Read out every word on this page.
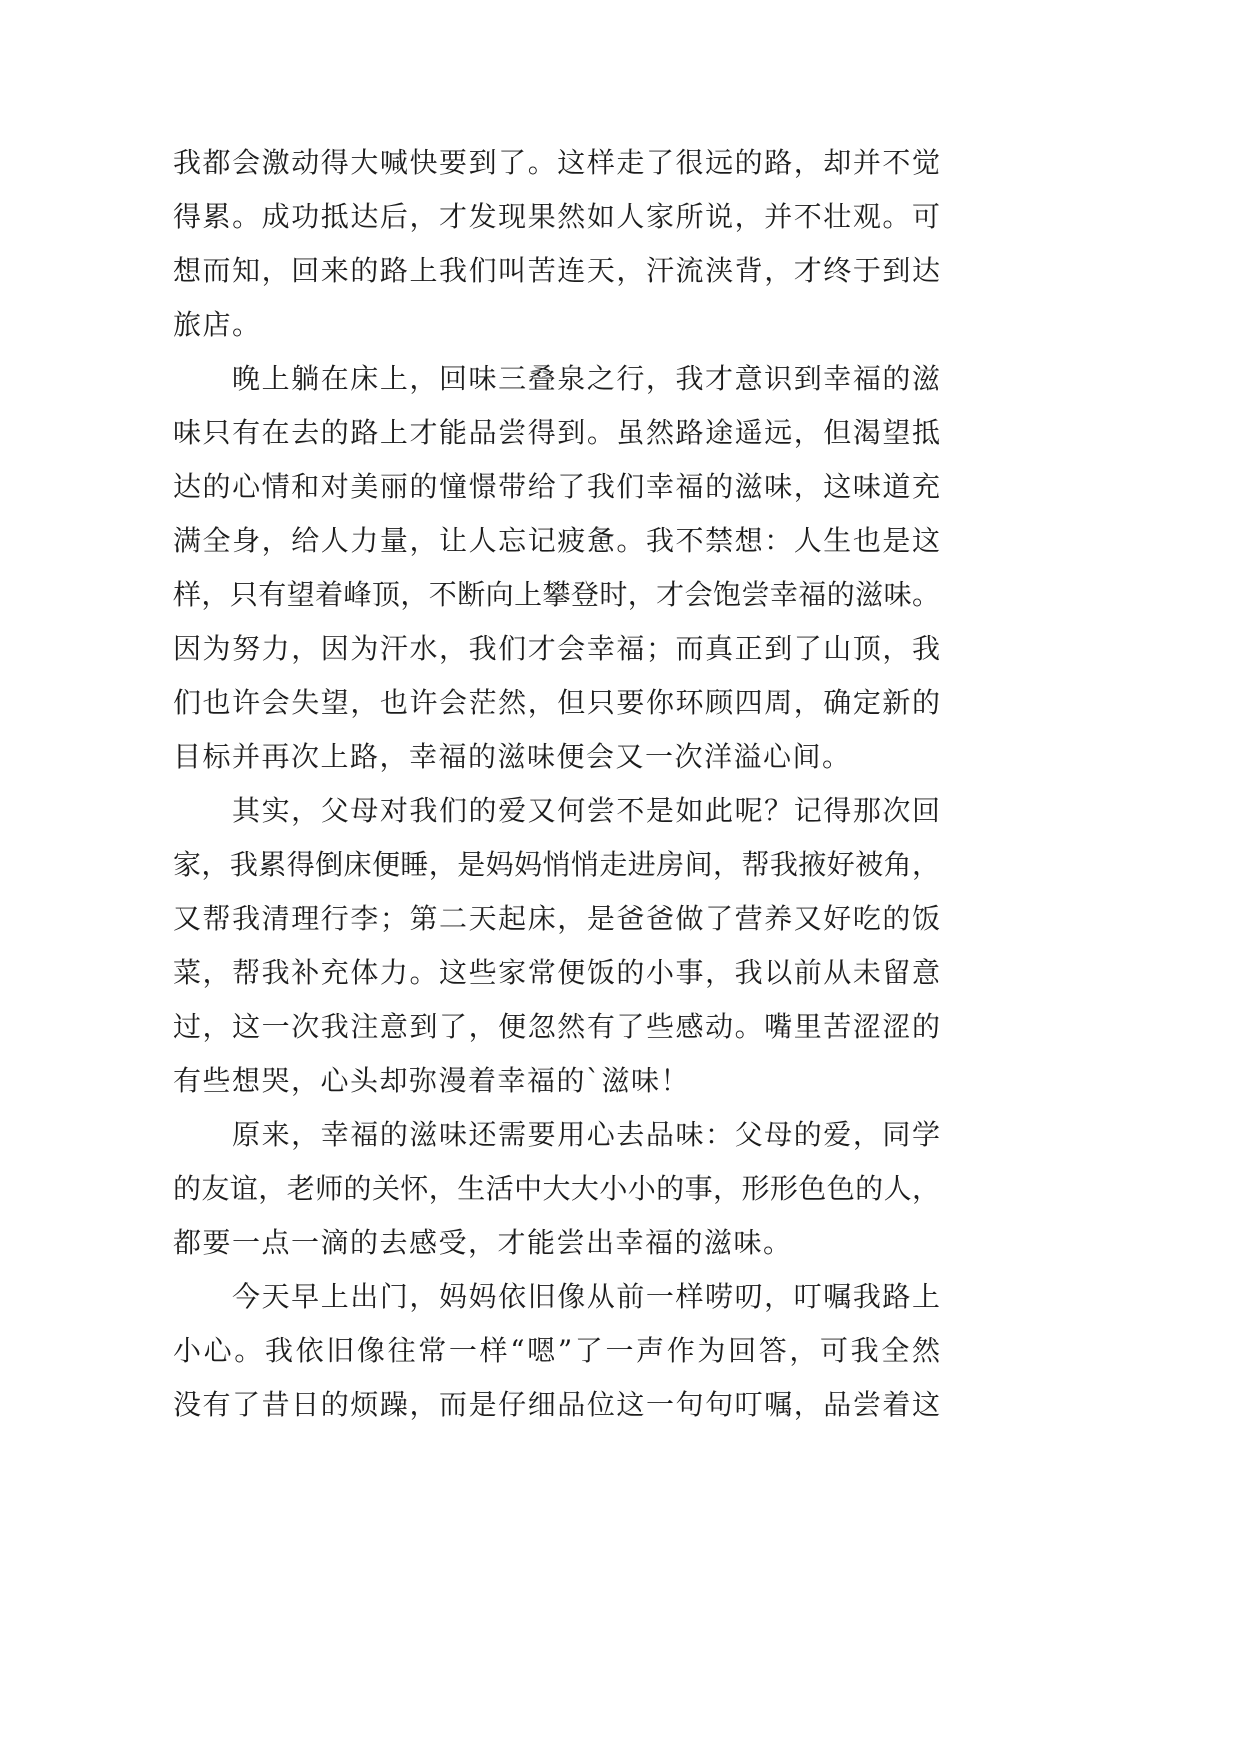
我都会激动得大喊快要到了。这样走了很远的路，却并不觉
得累。成功抵达后，才发现果然如人家所说，并不壮观。可
想而知，回来的路上我们叫苦连天，汗流浃背，才终于到达
旅店。
晚上躺在床上，回味三叠泉之行，我才意识到幸福的滋
味只有在去的路上才能品尝得到。虽然路途遥远，但渴望抵
达的心情和对美丽的憧憬带给了我们幸福的滋味，这味道充
满全身，给人力量，让人忘记疲惫。我不禁想：人生也是这
样，只有望着峰顶，不断向上攀登时，才会饱尝幸福的滋味。
因为努力，因为汗水，我们才会幸福；而真正到了山顶，我
们也许会失望，也许会茫然，但只要你环顾四周，确定新的
目标并再次上路，幸福的滋味便会又一次洋溢心间。
其实，父母对我们的爱又何尝不是如此呢？记得那次回
家，我累得倒床便睡，是妈妈悄悄走进房间，帮我掖好被角，
又帮我清理行李；第二天起床，是爸爸做了营养又好吃的饭
菜，帮我补充体力。这些家常便饭的小事，我以前从未留意
过，这一次我注意到了，便忽然有了些感动。嘴里苦涩涩的
有些想哭，心头却弥漫着幸福的`滋味！
原来，幸福的滋味还需要用心去品味：父母的爱，同学
的友谊，老师的关怀，生活中大大小小的事，形形色色的人，
都要一点一滴的去感受，才能尝出幸福的滋味。
今天早上出门，妈妈依旧像从前一样唠叨，叮嘱我路上
小心。我依旧像往常一样“嗯”了一声作为回答，可我全然
没有了昔日的烦躁，而是仔细品位这一句句叮嘱，品尝着这
